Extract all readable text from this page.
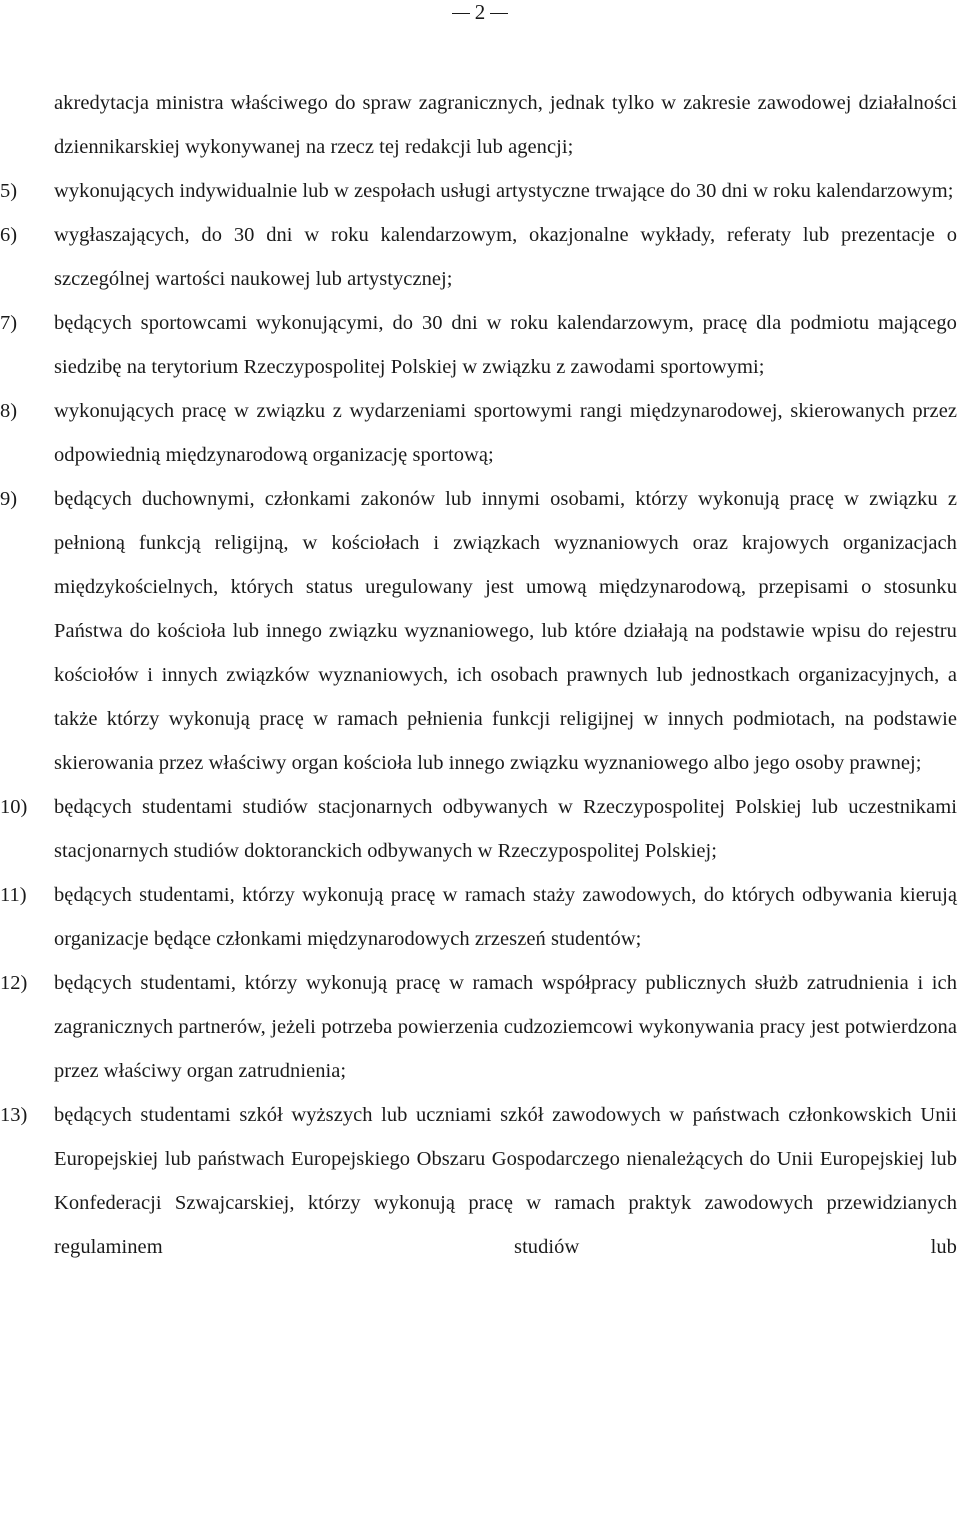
2
akredytacja ministra właściwego do spraw zagranicznych, jednak tylko w zakresie zawodowej działalności dziennikarskiej wykonywanej na rzecz tej redakcji lub agencji;
5) wykonujących indywidualnie lub w zespołach usługi artystyczne trwające do 30 dni w roku kalendarzowym;
6) wygłaszających, do 30 dni w roku kalendarzowym, okazjonalne wykłady, referaty lub prezentacje o szczególnej wartości naukowej lub artystycznej;
7) będących sportowcami wykonującymi, do 30 dni w roku kalendarzowym, pracę dla podmiotu mającego siedzibę na terytorium Rzeczypospolitej Polskiej w związku z zawodami sportowymi;
8) wykonujących pracę w związku z wydarzeniami sportowymi rangi międzynarodowej, skierowanych przez odpowiednią międzynarodową organizację sportową;
9) będących duchownymi, członkami zakonów lub innymi osobami, którzy wykonują pracę w związku z pełnioną funkcją religijną, w kościołach i związkach wyznaniowych oraz krajowych organizacjach międzykościelnych, których status uregulowany jest umową międzynarodową, przepisami o stosunku Państwa do kościoła lub innego związku wyznaniowego, lub które działają na podstawie wpisu do rejestru kościołów i innych związków wyznaniowych, ich osobach prawnych lub jednostkach organizacyjnych, a także którzy wykonują pracę w ramach pełnienia funkcji religijnej w innych podmiotach, na podstawie skierowania przez właściwy organ kościoła lub innego związku wyznaniowego albo jego osoby prawnej;
10) będących studentami studiów stacjonarnych odbywanych w Rzeczypospolitej Polskiej lub uczestnikami stacjonarnych studiów doktoranckich odbywanych w Rzeczypospolitej Polskiej;
11) będących studentami, którzy wykonują pracę w ramach staży zawodowych, do których odbywania kierują organizacje będące członkami międzynarodowych zrzeszeń studentów;
12) będących studentami, którzy wykonują pracę w ramach współpracy publicznych służb zatrudnienia i ich zagranicznych partnerów, jeżeli potrzeba powierzenia cudzoziemcowi wykonywania pracy jest potwierdzona przez właściwy organ zatrudnienia;
13) będących studentami szkół wyższych lub uczniami szkół zawodowych w państwach członkowskich Unii Europejskiej lub państwach Europejskiego Obszaru Gospodarczego nienależących do Unii Europejskiej lub Konfederacji Szwajcarskiej, którzy wykonują pracę w ramach praktyk zawodowych przewidzianych regulaminem studiów lub
